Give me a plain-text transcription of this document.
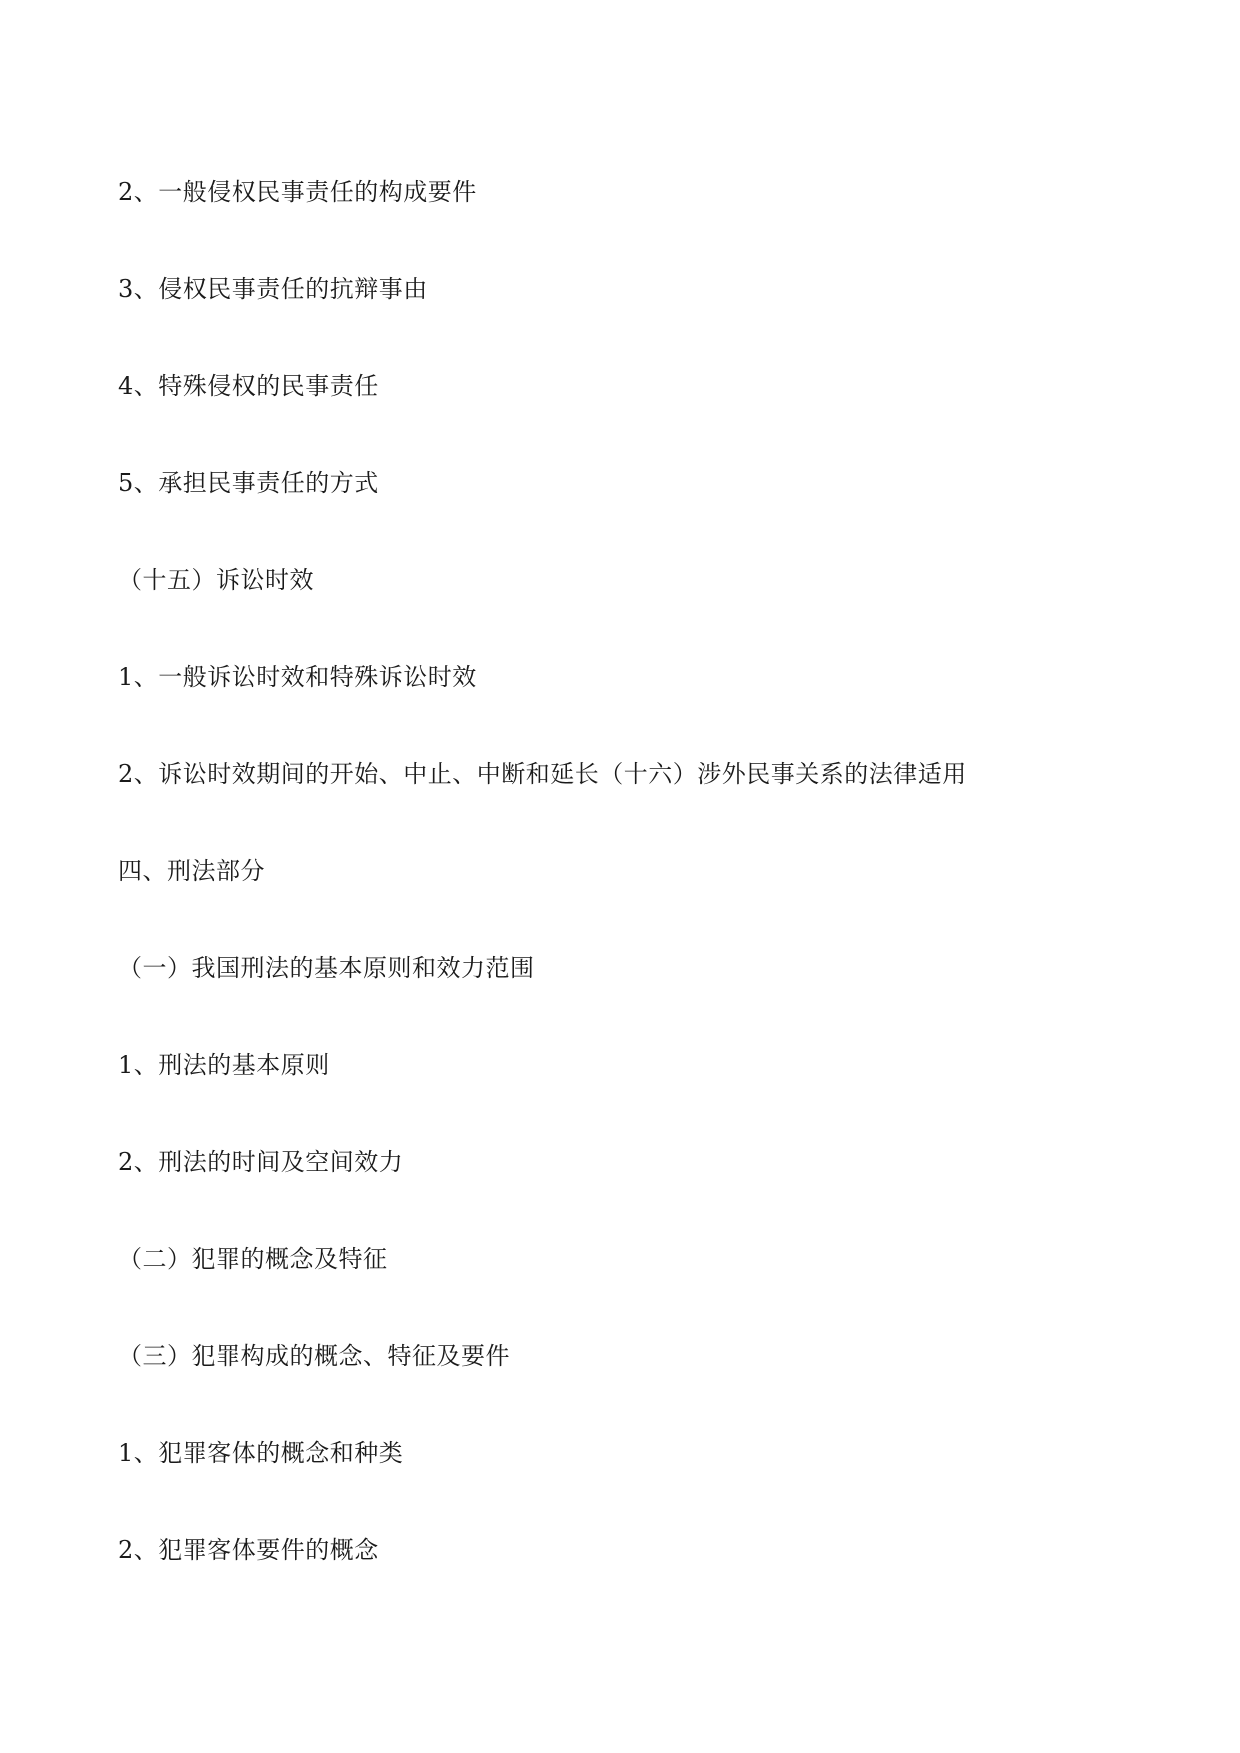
2、一般侵权民事责任的构成要件

3、侵权民事责任的抗辩事由

4、特殊侵权的民事责任

5、承担民事责任的方式

（十五）诉讼时效

1、一般诉讼时效和特殊诉讼时效

2、诉讼时效期间的开始、中止、中断和延长（十六）涉外民事关系的法律适用

四、刑法部分

（一）我国刑法的基本原则和效力范围

1、刑法的基本原则

2、刑法的时间及空间效力

（二）犯罪的概念及特征

（三）犯罪构成的概念、特征及要件

1、犯罪客体的概念和种类

2、犯罪客体要件的概念
